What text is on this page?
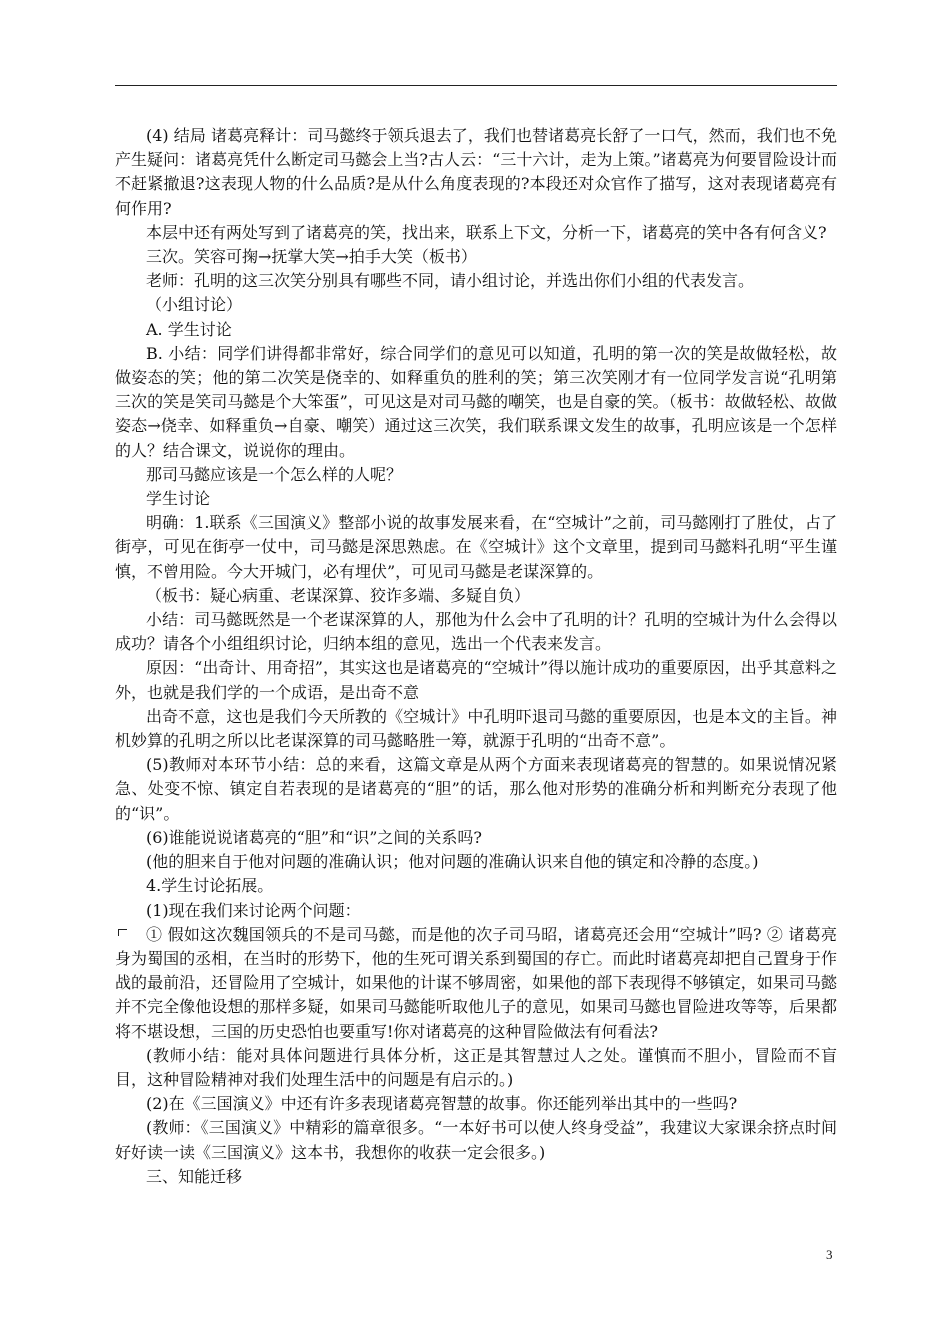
(4) 结局 诸葛亮释计：司马懿终于领兵退去了，我们也替诸葛亮长舒了一口气，然而，我们也不免产生疑问：诸葛亮凭什么断定司马懿会上当?古人云：“三十六计，走为上策。”诸葛亮为何要冒险设计而不赶紧撤退?这表现人物的什么品质?是从什么角度表现的?本段还对众官作了描写，这对表现诸葛亮有何作用?

本层中还有两处写到了诸葛亮的笑，找出来，联系上下文，分析一下，诸葛亮的笑中各有何含义?

三次。笑容可掬→抚掌大笑→拍手大笑（板书）

老师：孔明的这三次笑分别具有哪些不同，请小组讨论，并选出你们小组的代表发言。

（小组讨论）

A. 学生讨论

B. 小结：同学们讲得都非常好，综合同学们的意见可以知道，孔明的第一次的笑是故做轻松，故做姿态的笑；他的第二次笑是侥幸的、如释重负的胜利的笑；第三次笑刚才有一位同学发言说“孔明第三次的笑是笑司马懿是个大笨蛋”，可见这是对司马懿的嘲笑，也是自豪的笑。（板书：故做轻松、故做姿态→侥幸、如释重负→自豪、嘲笑）通过这三次笑，我们联系课文发生的故事，孔明应该是一个怎样的人？结合课文，说说你的理由。

那司马懿应该是一个怎么样的人呢？

学生讨论

明确：1.联系《三国演义》整部小说的故事发展来看，在“空城计”之前，司马懿刚打了胜仗，占了街亭，可见在街亭一仗中，司马懿是深思熟虑。在《空城计》这个文章里，提到司马懿料孔明“平生谨慎，不曾用险。今大开城门，必有埋伏”，可见司马懿是老谋深算的。

（板书：疑心病重、老谋深算、狡诈多端、多疑自负）

小结：司马懿既然是一个老谋深算的人，那他为什么会中了孔明的计？孔明的空城计为什么会得以成功？请各个小组组织讨论，归纳本组的意见，选出一个代表来发言。

原因：“出奇计、用奇招”，其实这也是诸葛亮的“空城计”得以施计成功的重要原因，出乎其意料之外，也就是我们学的一个成语，是出奇不意

出奇不意，这也是我们今天所教的《空城计》中孔明吓退司马懿的重要原因，也是本文的主旨。神机妙算的孔明之所以比老谋深算的司马懿略胜一筹，就源于孔明的“出奇不意”。

(5)教师对本环节小结：总的来看，这篇文章是从两个方面来表现诸葛亮的智慧的。如果说情况紧急、处变不惊、镇定自若表现的是诸葛亮的“胆”的话，那么他对形势的准确分析和判断充分表现了他的“识”。

(6)谁能说说诸葛亮的“胆”和“识”之间的关系吗?

(他的胆来自于他对问题的准确认识；他对问题的准确认识来自他的镇定和冷静的态度。)

4.学生讨论拓展。

(1)现在我们来讨论两个问题：

① 假如这次魏国领兵的不是司马懿，而是他的次子司马昭，诸葛亮还会用“空城计”吗? ② 诸葛亮身为蜀国的丞相，在当时的形势下，他的生死可谓关系到蜀国的存亡。而此时诸葛亮却把自己置身于作战的最前沿，还冒险用了空城计，如果他的计谋不够周密，如果他的部下表现得不够镇定，如果司马懿并不完全像他设想的那样多疑，如果司马懿能听取他儿子的意见，如果司马懿也冒险进攻等等，后果都将不堪设想，三国的历史恐怕也要重写!你对诸葛亮的这种冒险做法有何看法?

(教师小结：能对具体问题进行具体分析，这正是其智慧过人之处。谨慎而不胆小，冒险而不盲目，这种冒险精神对我们处理生活中的问题是有启示的。)

(2)在《三国演义》中还有许多表现诸葛亮智慧的故事。你还能列举出其中的一些吗?

(教师：《三国演义》中精彩的篇章很多。“一本好书可以使人终身受益”，我建议大家课余挤点时间好好读一读《三国演义》这本书，我想你的收获一定会很多。)

三、知能迁移

3
